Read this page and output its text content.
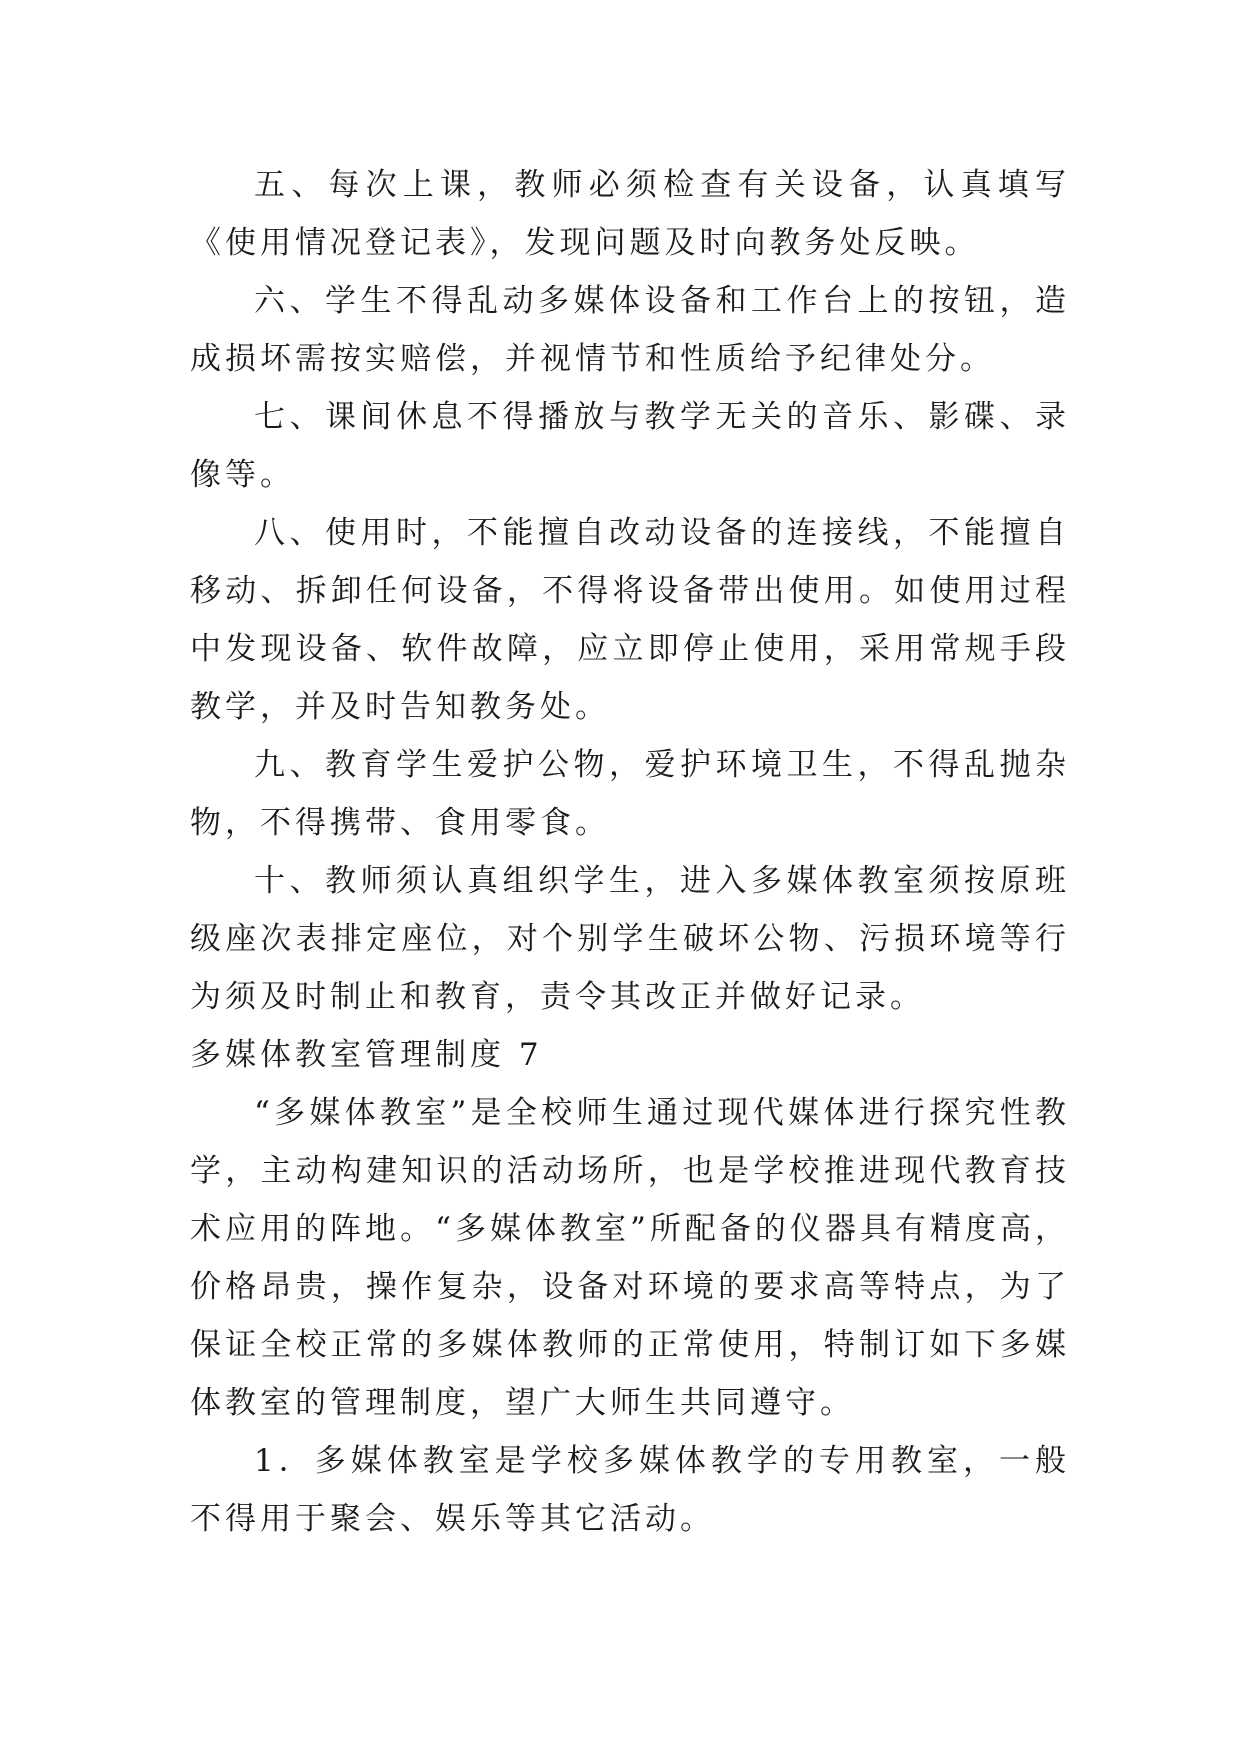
五、每次上课，教师必须检查有关设备，认真填写《使用情况登记表》，发现问题及时向教务处反映。

六、学生不得乱动多媒体设备和工作台上的按钮，造成损坏需按实赔偿，并视情节和性质给予纪律处分。

七、课间休息不得播放与教学无关的音乐、影碟、录像等。

八、使用时，不能擅自改动设备的连接线，不能擅自移动、拆卸任何设备，不得将设备带出使用。如使用过程中发现设备、软件故障，应立即停止使用，采用常规手段教学，并及时告知教务处。

九、教育学生爱护公物，爱护环境卫生，不得乱抛杂物，不得携带、食用零食。

十、教师须认真组织学生，进入多媒体教室须按原班级座次表排定座位，对个别学生破坏公物、污损环境等行为须及时制止和教育，责令其改正并做好记录。

多媒体教室管理制度 7

“多媒体教室”是全校师生通过现代媒体进行探究性教学，主动构建知识的活动场所，也是学校推进现代教育技术应用的阵地。“多媒体教室”所配备的仪器具有精度高，价格昂贵，操作复杂，设备对环境的要求高等特点，为了保证全校正常的多媒体教师的正常使用，特制订如下多媒体教室的管理制度，望广大师生共同遵守。

1．多媒体教室是学校多媒体教学的专用教室，一般不得用于聚会、娱乐等其它活动。
